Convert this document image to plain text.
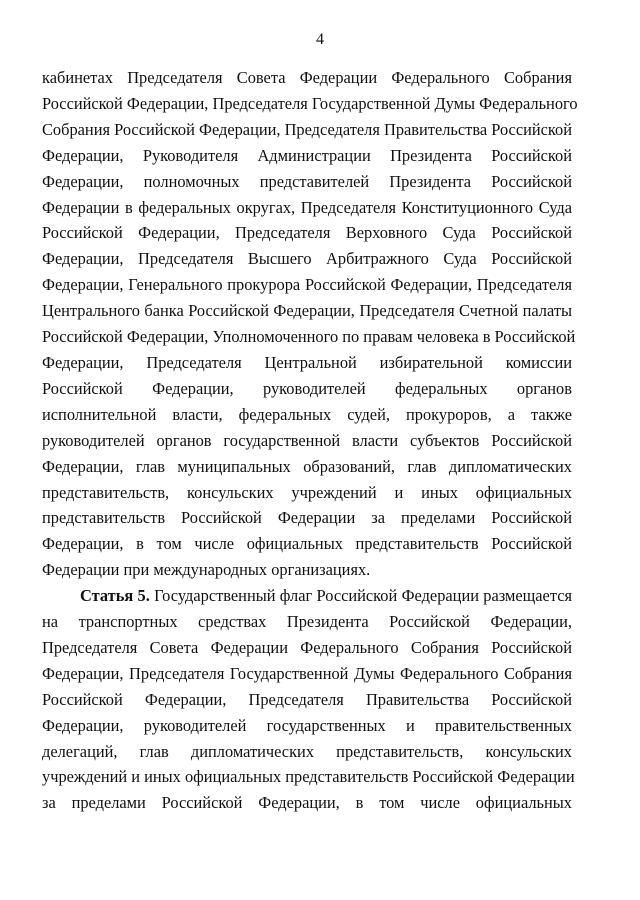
4
кабинетах Председателя Совета Федерации Федерального Собрания
Российской Федерации, Председателя Государственной Думы Федерального
Собрания Российской Федерации, Председателя Правительства Российской
Федерации, Руководителя Администрации Президента Российской
Федерации, полномочных представителей Президента Российской
Федерации в федеральных округах, Председателя Конституционного Суда
Российской Федерации, Председателя Верховного Суда Российской
Федерации, Председателя Высшего Арбитражного Суда Российской
Федерации, Генерального прокурора Российской Федерации, Председателя
Центрального банка Российской Федерации, Председателя Счетной палаты
Российской Федерации, Уполномоченного по правам человека в Российской
Федерации, Председателя Центральной избирательной комиссии
Российской Федерации, руководителей федеральных органов
исполнительной власти, федеральных судей, прокуроров, а также
руководителей органов государственной власти субъектов Российской
Федерации, глав муниципальных образований, глав дипломатических
представительств, консульских учреждений и иных официальных
представительств Российской Федерации за пределами Российской
Федерации, в том числе официальных представительств Российской
Федерации при международных организациях.
Статья 5. Государственный флаг Российской Федерации размещается
на транспортных средствах Президента Российской Федерации,
Председателя Совета Федерации Федерального Собрания Российской
Федерации, Председателя Государственной Думы Федерального Собрания
Российской Федерации, Председателя Правительства Российской
Федерации, руководителей государственных и правительственных
делегаций, глав дипломатических представительств, консульских
учреждений и иных официальных представительств Российской Федерации
за пределами Российской Федерации, в том числе официальных
